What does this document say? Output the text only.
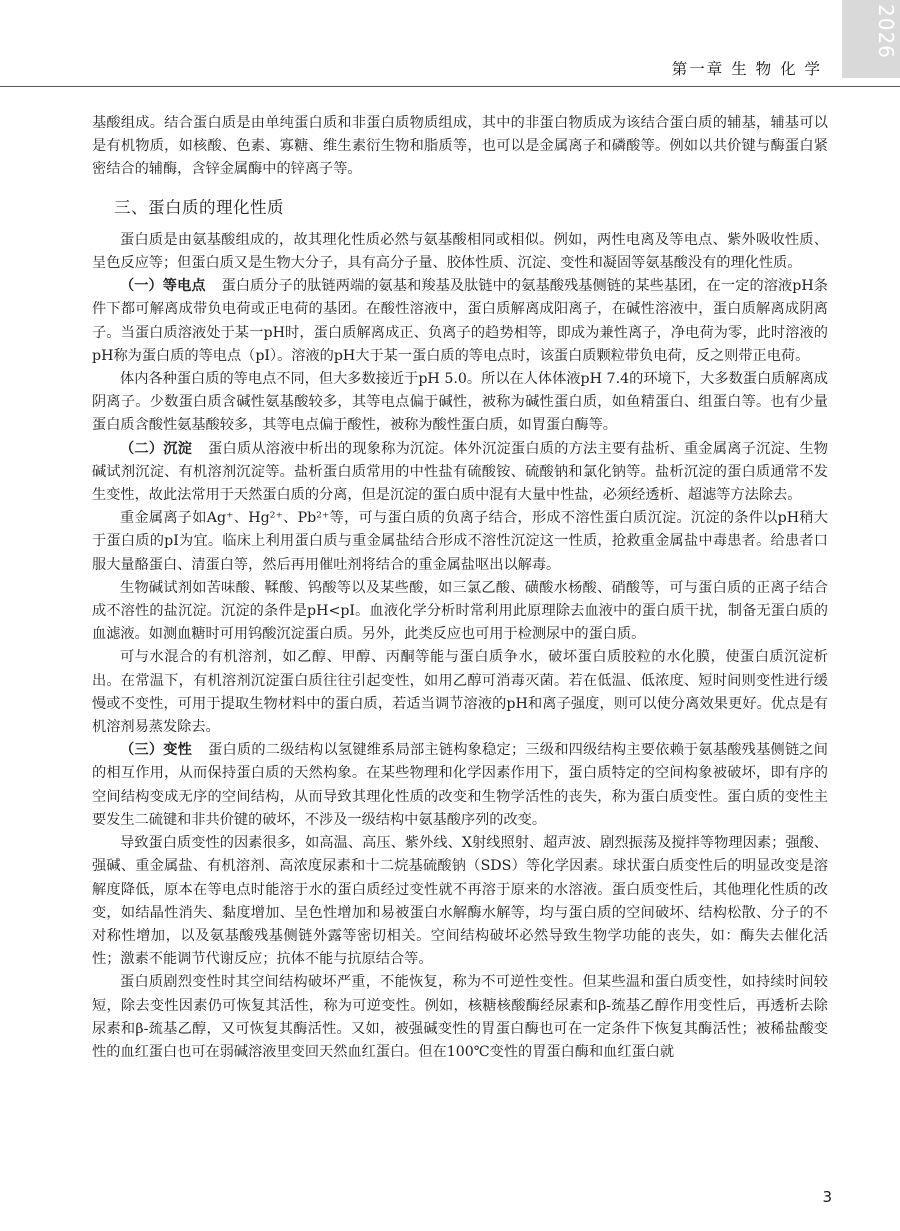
2026
第一章 生 物 化 学

基酸组成。结合蛋白质是由单纯蛋白质和非蛋白质物质组成，其中的非蛋白物质成为该结合蛋白质的辅基，辅基可以是有机物质，如核酸、色素、寡糖、维生素衍生物和脂质等，也可以是金属离子和磷酸等。例如以共价键与酶蛋白紧密结合的辅酶，含锌金属酶中的锌离子等。

三、蛋白质的理化性质

蛋白质是由氨基酸组成的，故其理化性质必然与氨基酸相同或相似。例如，两性电离及等电点、紫外吸收性质、呈色反应等；但蛋白质又是生物大分子，具有高分子量、胶体性质、沉淀、变性和凝固等氨基酸没有的理化性质。

（一）等电点 蛋白质分子的肽链两端的氨基和羧基及肽链中的氨基酸残基侧链的某些基团，在一定的溶液pH条件下都可解离成带负电荷或正电荷的基团。在酸性溶液中，蛋白质解离成阳离子，在碱性溶液中，蛋白质解离成阴离子。当蛋白质溶液处于某一pH时，蛋白质解离成正、负离子的趋势相等，即成为兼性离子，净电荷为零，此时溶液的pH称为蛋白质的等电点（pI）。溶液的pH大于某一蛋白质的等电点时，该蛋白质颗粒带负电荷，反之则带正电荷。

体内各种蛋白质的等电点不同，但大多数接近于pH 5.0。所以在人体体液pH 7.4的环境下，大多数蛋白质解离成阴离子。少数蛋白质含碱性氨基酸较多，其等电点偏于碱性，被称为碱性蛋白质，如鱼精蛋白、组蛋白等。也有少量蛋白质含酸性氨基酸较多，其等电点偏于酸性，被称为酸性蛋白质，如胃蛋白酶等。

（二）沉淀 蛋白质从溶液中析出的现象称为沉淀。体外沉淀蛋白质的方法主要有盐析、重金属离子沉淀、生物碱试剂沉淀、有机溶剂沉淀等。盐析蛋白质常用的中性盐有硫酸铵、硫酸钠和氯化钠等。盐析沉淀的蛋白质通常不发生变性，故此法常用于天然蛋白质的分离，但是沉淀的蛋白质中混有大量中性盐，必须经透析、超滤等方法除去。

重金属离子如Ag⁺、Hg²⁺、Pb²⁺等，可与蛋白质的负离子结合，形成不溶性蛋白质沉淀。沉淀的条件以pH稍大于蛋白质的pI为宜。临床上利用蛋白质与重金属盐结合形成不溶性沉淀这一性质，抢救重金属盐中毒患者。给患者口服大量酪蛋白、清蛋白等，然后再用催吐剂将结合的重金属盐呕出以解毒。

生物碱试剂如苦味酸、鞣酸、钨酸等以及某些酸，如三氯乙酸、磺酸水杨酸、硝酸等，可与蛋白质的正离子结合成不溶性的盐沉淀。沉淀的条件是pH<pI。血液化学分析时常利用此原理除去血液中的蛋白质干扰，制备无蛋白质的血滤液。如测血糖时可用钨酸沉淀蛋白质。另外，此类反应也可用于检测尿中的蛋白质。

可与水混合的有机溶剂，如乙醇、甲醇、丙酮等能与蛋白质争水，破坏蛋白质胶粒的水化膜，使蛋白质沉淀析出。在常温下，有机溶剂沉淀蛋白质往往引起变性，如用乙醇可消毒灭菌。若在低温、低浓度、短时间则变性进行缓慢或不变性，可用于提取生物材料中的蛋白质，若适当调节溶液的pH和离子强度，则可以使分离效果更好。优点是有机溶剂易蒸发除去。

（三）变性 蛋白质的二级结构以氢键维系局部主链构象稳定；三级和四级结构主要依赖于氨基酸残基侧链之间的相互作用，从而保持蛋白质的天然构象。在某些物理和化学因素作用下，蛋白质特定的空间构象被破坏，即有序的空间结构变成无序的空间结构，从而导致其理化性质的改变和生物学活性的丧失，称为蛋白质变性。蛋白质的变性主要发生二硫键和非共价键的破坏，不涉及一级结构中氨基酸序列的改变。

导致蛋白质变性的因素很多，如高温、高压、紫外线、X射线照射、超声波、剧烈振荡及搅拌等物理因素；强酸、强碱、重金属盐、有机溶剂、高浓度尿素和十二烷基硫酸钠（SDS）等化学因素。球状蛋白质变性后的明显改变是溶解度降低，原本在等电点时能溶于水的蛋白质经过变性就不再溶于原来的水溶液。蛋白质变性后，其他理化性质的改变，如结晶性消失、黏度增加、呈色性增加和易被蛋白水解酶水解等，均与蛋白质的空间破坏、结构松散、分子的不对称性增加，以及氨基酸残基侧链外露等密切相关。空间结构破坏必然导致生物学功能的丧失，如：酶失去催化活性；激素不能调节代谢反应；抗体不能与抗原结合等。

蛋白质剧烈变性时其空间结构破坏严重，不能恢复，称为不可逆性变性。但某些温和蛋白质变性，如持续时间较短，除去变性因素仍可恢复其活性，称为可逆变性。例如，核糖核酸酶经尿素和β-巯基乙醇作用变性后，再透析去除尿素和β-巯基乙醇，又可恢复其酶活性。又如，被强碱变性的胃蛋白酶也可在一定条件下恢复其酶活性；被稀盐酸变性的血红蛋白也可在弱碱溶液里变回天然血红蛋白。但在100℃变性的胃蛋白酶和血红蛋白就

3
